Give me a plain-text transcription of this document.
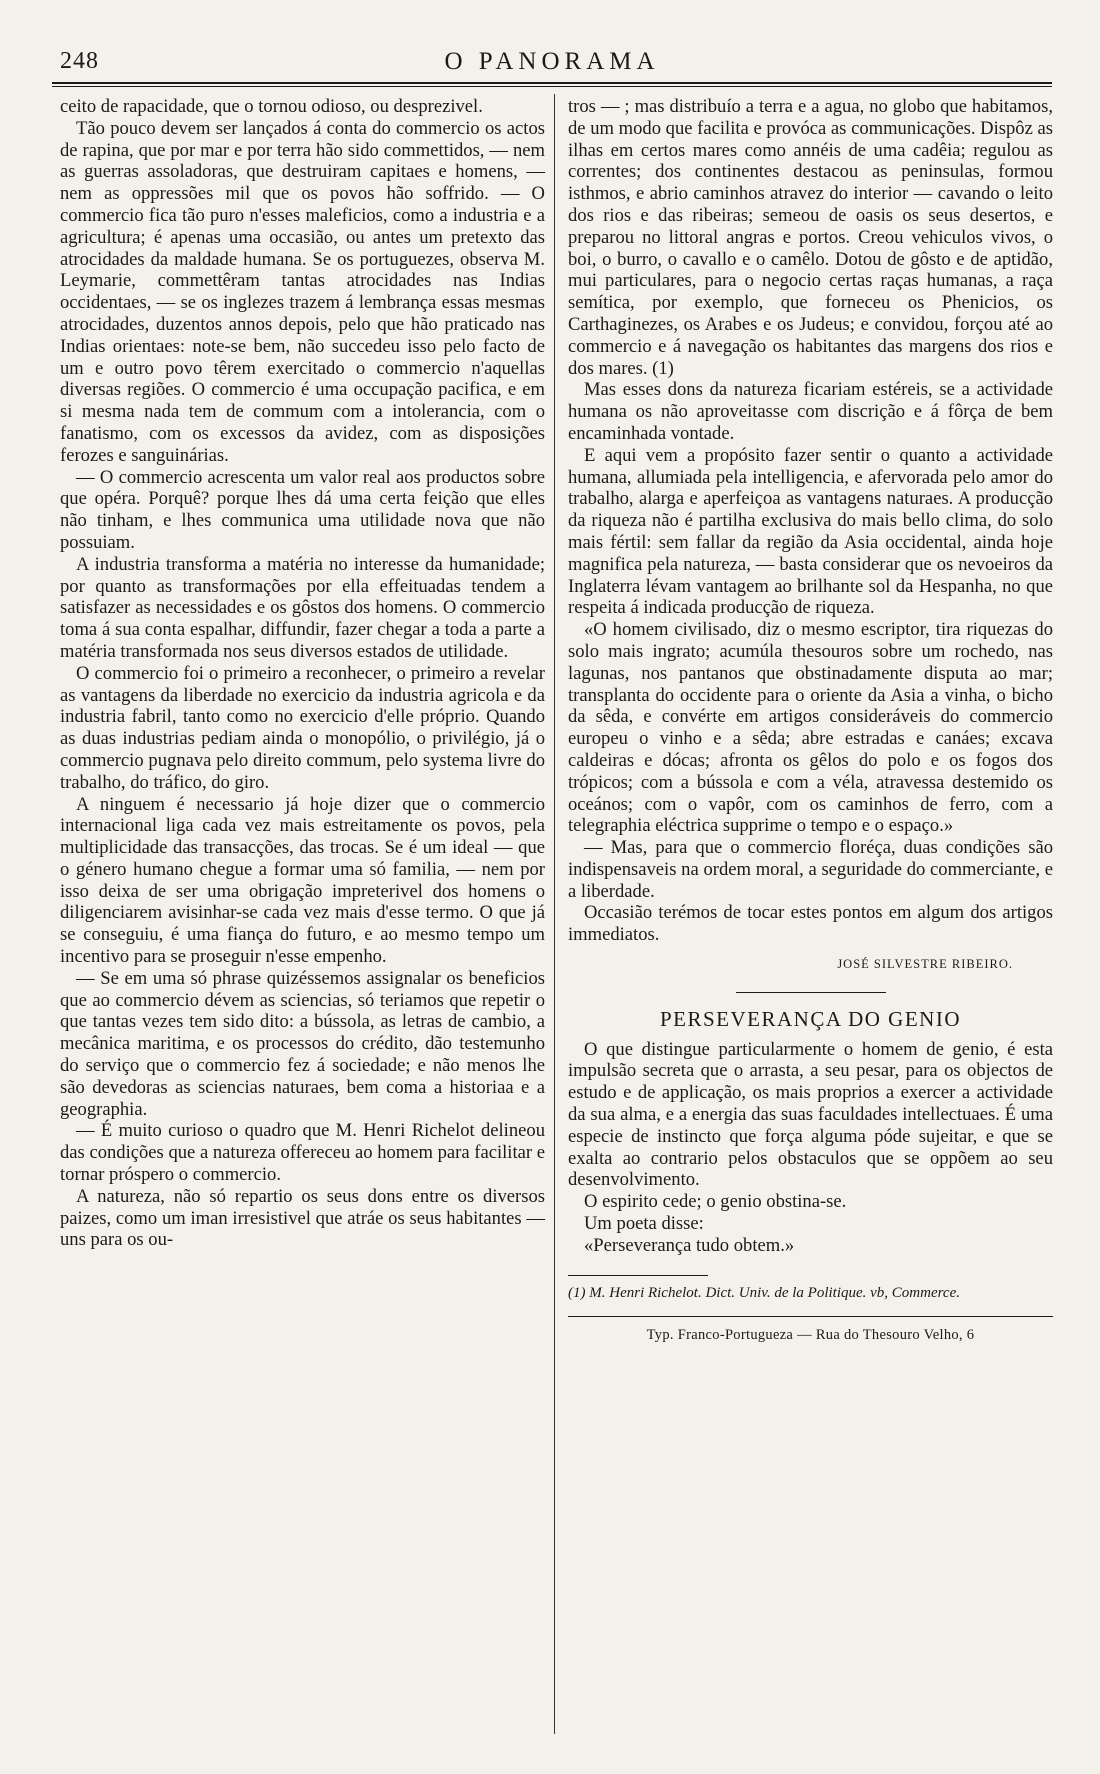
248	O PANORAMA

ceito de rapacidade, que o tornou odioso, ou desprezivel.

Tão pouco devem ser lançados á conta do commercio os actos de rapina, que por mar e por terra hão sido commettidos, — nem as guerras assoladoras, que destruiram capitaes e homens, — nem as oppressões mil que os povos hão soffrido. — O commercio fica tão puro n'esses maleficios, como a industria e a agricultura; é apenas uma occasião, ou antes um pretexto das atrocidades da maldade humana. Se os portuguezes, observa M. Leymarie, commettêram tantas atrocidades nas Indias occidentaes, — se os inglezes trazem á lembrança essas mesmas atrocidades, duzentos annos depois, pelo que hão praticado nas Indias orientaes: note-se bem, não succedeu isso pelo facto de um e outro povo têrem exercitado o commercio n'aquellas diversas regiões. O commercio é uma occupação pacifica, e em si mesma nada tem de commum com a intolerancia, com o fanatismo, com os excessos da avidez, com as disposições ferozes e sanguinárias.

— O commercio acrescenta um valor real aos productos sobre que opéra. Porquê? porque lhes dá uma certa feição que elles não tinham, e lhes communica uma utilidade nova que não possuiam.

A industria transforma a matéria no interesse da humanidade; por quanto as transformações por ella effeituadas tendem a satisfazer as necessidades e os gôstos dos homens. O commercio toma á sua conta espalhar, diffundir, fazer chegar a toda a parte a matéria transformada nos seus diversos estados de utilidade.

O commercio foi o primeiro a reconhecer, o primeiro a revelar as vantagens da liberdade no exercicio da industria agricola e da industria fabril, tanto como no exercicio d'elle próprio. Quando as duas industrias pediam ainda o monopólio, o privilégio, já o commercio pugnava pelo direito commum, pelo systema livre do trabalho, do tráfico, do giro.

A ninguem é necessario já hoje dizer que o commercio internacional liga cada vez mais estreitamente os povos, pela multiplicidade das transacções, das trocas. Se é um ideal — que o género humano chegue a formar uma só familia, — nem por isso deixa de ser uma obrigação impreterivel dos homens o diligenciarem avisinhar-se cada vez mais d'esse termo. O que já se conseguiu, é uma fiança do futuro, e ao mesmo tempo um incentivo para se proseguir n'esse empenho.

— Se em uma só phrase quizéssemos assignalar os beneficios que ao commercio dévem as sciencias, só teriamos que repetir o que tantas vezes tem sido dito: a bússola, as letras de cambio, a mecânica maritima, e os processos do crédito, dão testemunho do serviço que o commercio fez á sociedade; e não menos lhe são devedoras as sciencias naturaes, bem coma a historiaa e a geographia.

— É muito curioso o quadro que M. Henri Richelot delineou das condições que a natureza offereceu ao homem para facilitar e tornar próspero o commercio.

A natureza, não só repartio os seus dons entre os diversos paizes, como um iman irresistivel que atráe os seus habitantes — uns para os ou-

tros — ; mas distribuío a terra e a agua, no globo que habitamos, de um modo que facilita e provóca as communicações. Dispôz as ilhas em certos mares como annéis de uma cadêia; regulou as correntes; dos continentes destacou as peninsulas, formou isthmos, e abrio caminhos atravez do interior — cavando o leito dos rios e das ribeiras; semeou de oasis os seus desertos, e preparou no littoral angras e portos. Creou vehiculos vivos, o boi, o burro, o cavallo e o camêlo. Dotou de gôsto e de aptidão, mui particulares, para o negocio certas raças humanas, a raça semítica, por exemplo, que forneceu os Phenicios, os Carthaginezes, os Arabes e os Judeus; e convidou, forçou até ao commercio e á navegação os habitantes das margens dos rios e dos mares. (1)

Mas esses dons da natureza ficariam estéreis, se a actividade humana os não aproveitasse com discrição e á fôrça de bem encaminhada vontade.

E aqui vem a propósito fazer sentir o quanto a actividade humana, allumiada pela intelligencia, e afervorada pelo amor do trabalho, alarga e aperfeiçoa as vantagens naturaes. A producção da riqueza não é partilha exclusiva do mais bello clima, do solo mais fértil: sem fallar da região da Asia occidental, ainda hoje magnifica pela natureza, — basta considerar que os nevoeiros da Inglaterra lévam vantagem ao brilhante sol da Hespanha, no que respeita á indicada producção de riqueza.

«O homem civilisado, diz o mesmo escriptor, tira riquezas do solo mais ingrato; acumúla thesouros sobre um rochedo, nas lagunas, nos pantanos que obstinadamente disputa ao mar; transplanta do occidente para o oriente da Asia a vinha, o bicho da sêda, e convérte em artigos consideráveis do commercio europeu o vinho e a sêda; abre estradas e canáes; excava caldeiras e dócas; afronta os gêlos do polo e os fogos dos trópicos; com a bússola e com a véla, atravessa destemido os oceános; com o vapôr, com os caminhos de ferro, com a telegraphia eléctrica supprime o tempo e o espaço.»

— Mas, para que o commercio floréça, duas condições são indispensaveis na ordem moral, a seguridade do commerciante, e a liberdade.

Occasião terémos de tocar estes pontos em algum dos artigos immediatos.

JOSÉ SILVESTRE RIBEIRO.
PERSEVERANÇA DO GENIO

O que distingue particularmente o homem de genio, é esta impulsão secreta que o arrasta, a seu pesar, para os objectos de estudo e de applicação, os mais proprios a exercer a actividade da sua alma, e a energia das suas faculdades intellectuaes. É uma especie de instincto que força alguma póde sujeitar, e que se exalta ao contrario pelos obstaculos que se oppõem ao seu desenvolvimento.

O espirito cede; o genio obstina-se.

Um poeta disse:

«Perseverança tudo obtem.»

(1) M. Henri Richelot. Dict. Univ. de la Politique. vb, Commerce.
Typ. Franco-Portugueza — Rua do Thesouro Velho, 6
